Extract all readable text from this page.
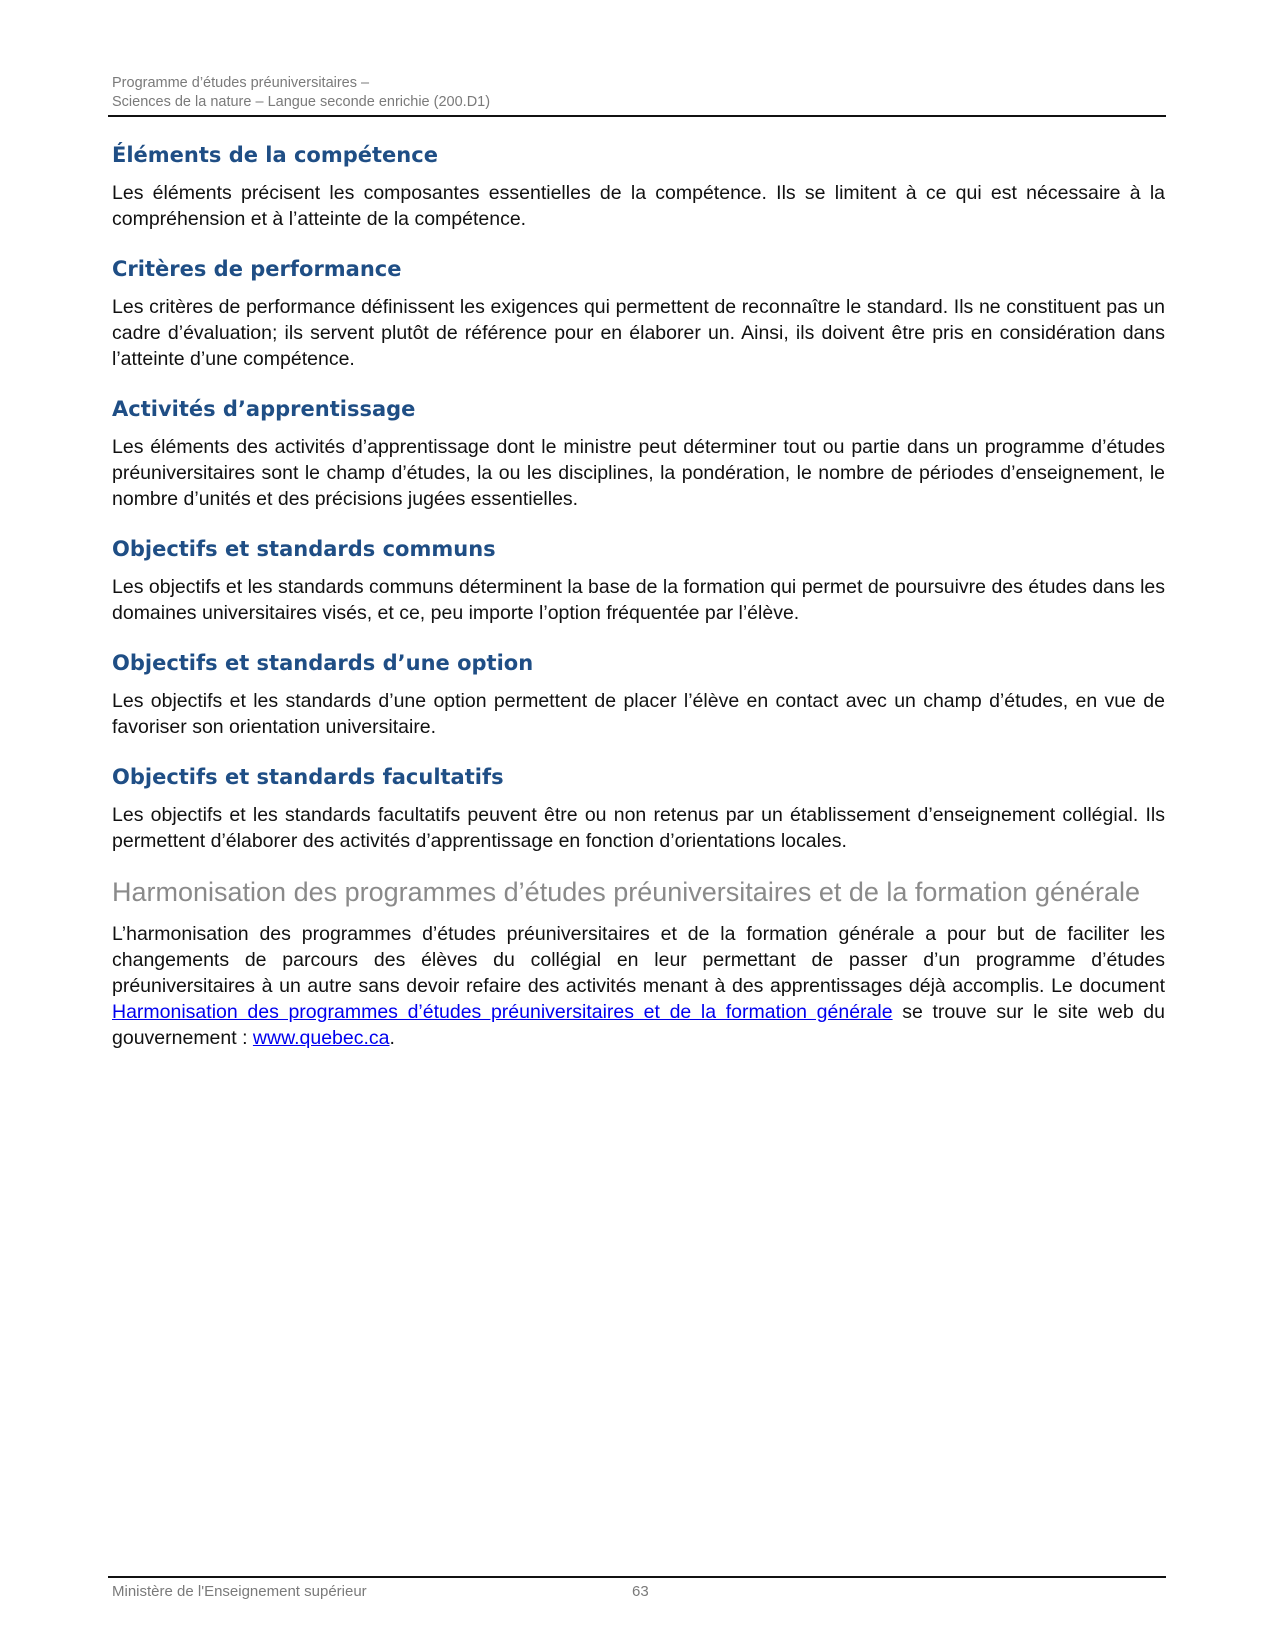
Programme d’études préuniversitaires –
Sciences de la nature – Langue seconde enrichie (200.D1)
Éléments de la compétence

Les éléments précisent les composantes essentielles de la compétence. Ils se limitent à ce qui est nécessaire à la compréhension et à l’atteinte de la compétence.

Critères de performance

Les critères de performance définissent les exigences qui permettent de reconnaître le standard. Ils ne constituent pas un cadre d’évaluation; ils servent plutôt de référence pour en élaborer un. Ainsi, ils doivent être pris en considération dans l’atteinte d’une compétence.

Activités d’apprentissage

Les éléments des activités d’apprentissage dont le ministre peut déterminer tout ou partie dans un programme d’études préuniversitaires sont le champ d’études, la ou les disciplines, la pondération, le nombre de périodes d’enseignement, le nombre d’unités et des précisions jugées essentielles.

Objectifs et standards communs

Les objectifs et les standards communs déterminent la base de la formation qui permet de poursuivre des études dans les domaines universitaires visés, et ce, peu importe l’option fréquentée par l’élève.

Objectifs et standards d’une option

Les objectifs et les standards d’une option permettent de placer l’élève en contact avec un champ d’études, en vue de favoriser son orientation universitaire.

Objectifs et standards facultatifs

Les objectifs et les standards facultatifs peuvent être ou non retenus par un établissement d’enseignement collégial. Ils permettent d’élaborer des activités d’apprentissage en fonction d’orientations locales.

Harmonisation des programmes d’études préuniversitaires et de la formation générale

L’harmonisation des programmes d’études préuniversitaires et de la formation générale a pour but de faciliter les changements de parcours des élèves du collégial en leur permettant de passer d’un programme d’études préuniversitaires à un autre sans devoir refaire des activités menant à des apprentissages déjà accomplis. Le document Harmonisation des programmes d’études préuniversitaires et de la formation générale se trouve sur le site web du gouvernement : www.quebec.ca.

Ministère de l'Enseignement supérieur	63
